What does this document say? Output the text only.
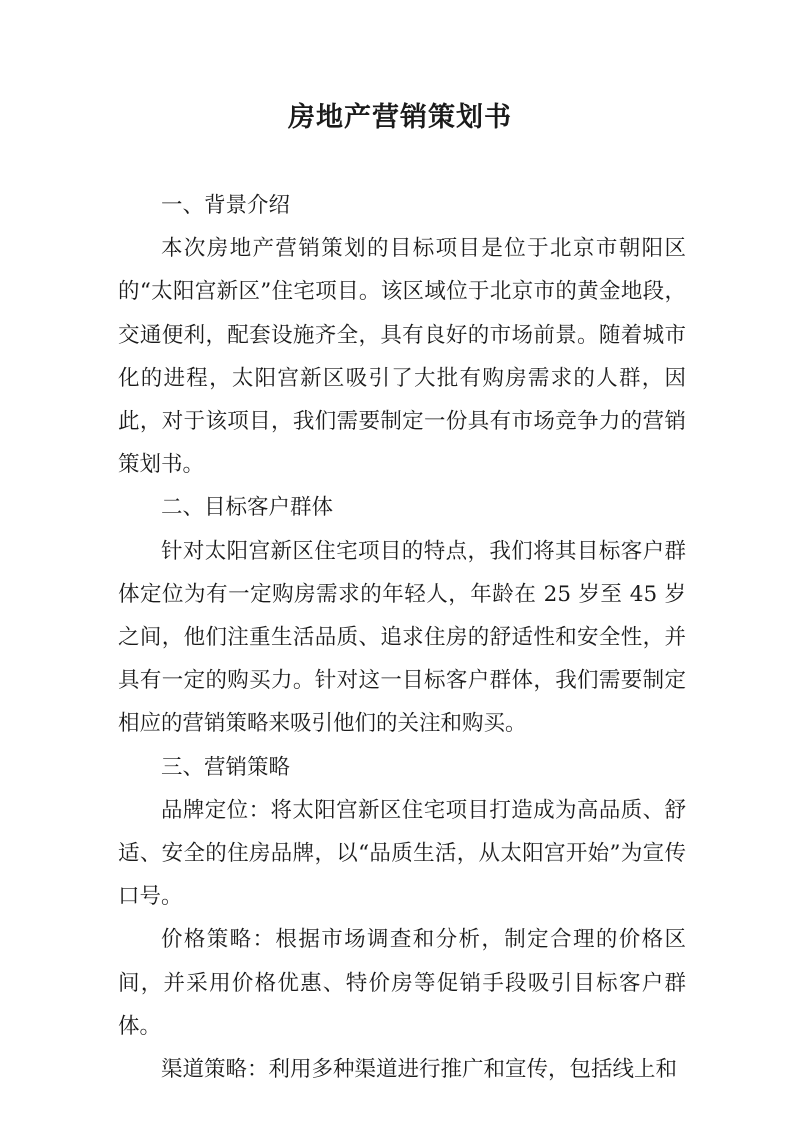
房地产营销策划书

一、背景介绍

本次房地产营销策划的目标项目是位于北京市朝阳区的“太阳宫新区”住宅项目。该区域位于北京市的黄金地段，交通便利，配套设施齐全，具有良好的市场前景。随着城市化的进程，太阳宫新区吸引了大批有购房需求的人群，因此，对于该项目，我们需要制定一份具有市场竞争力的营销策划书。

二、目标客户群体

针对太阳宫新区住宅项目的特点，我们将其目标客户群体定位为有一定购房需求的年轻人，年龄在 25 岁至 45 岁之间，他们注重生活品质、追求住房的舒适性和安全性，并具有一定的购买力。针对这一目标客户群体，我们需要制定相应的营销策略来吸引他们的关注和购买。

三、营销策略

品牌定位：将太阳宫新区住宅项目打造成为高品质、舒适、安全的住房品牌，以“品质生活，从太阳宫开始”为宣传口号。

价格策略：根据市场调查和分析，制定合理的价格区间，并采用价格优惠、特价房等促销手段吸引目标客户群体。

渠道策略：利用多种渠道进行推广和宣传，包括线上和
